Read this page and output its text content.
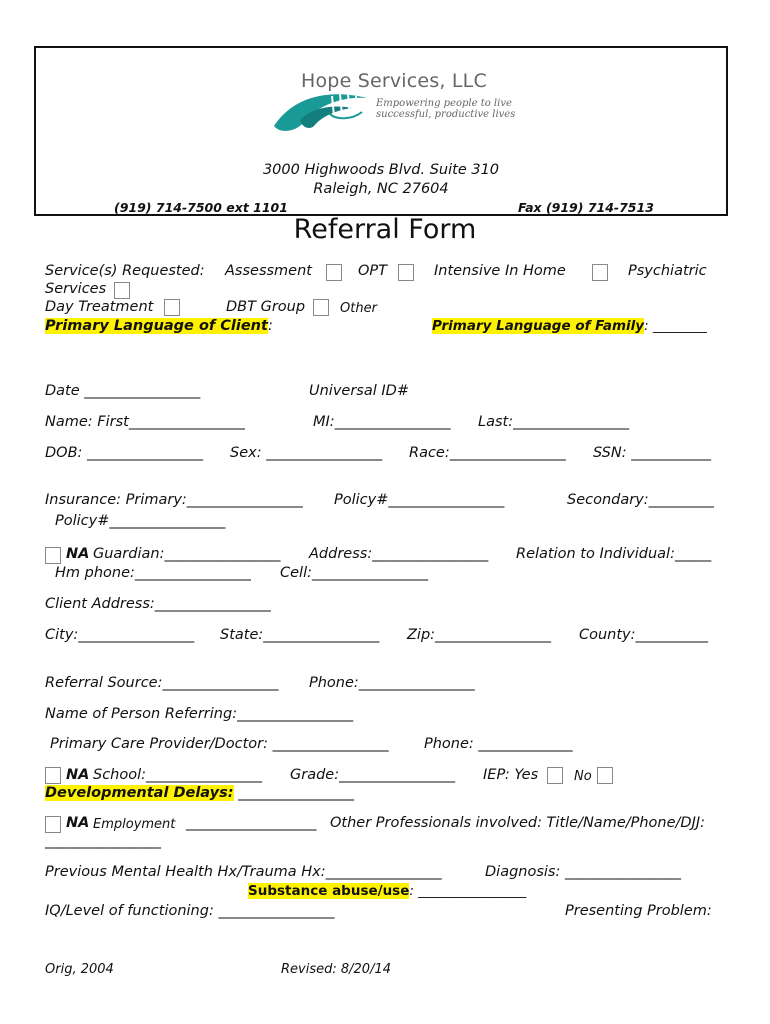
Hope Services, LLC
Empowering people to live
successful, productive lives
3000 Highwoods Blvd. Suite 310
Raleigh, NC 27604
(919) 714-7500 ext 1101	Fax (919) 714-7513
Referral Form
Service(s) Requested: Assessment	OPT	Intensive In Home	Psychiatric
Services
Day Treatment	DBT Group	Other
Primary Language of Client:	Primary Language of Family: ________
Date ________________	Universal ID#
Name: First________________	MI:________________ Last:________________
DOB: ________________ Sex: ________________ Race:________________ SSN: ___________
Insurance: Primary:________________ Policy#________________	Secondary:_________
Policy#________________
NA Guardian:________________ Address:________________ Relation to Individual:_____
Hm phone:________________ Cell:________________
Client Address:________________
City:________________ State:________________ Zip:________________ County:__________
Referral Source:________________ Phone:________________
Name of Person Referring:________________
Primary Care Provider/Doctor: ________________ Phone: _____________
NA School:________________ Grade:________________ IEP: Yes	No
Developmental Delays: ________________
NA Employment __________________ Other Professionals involved: Title/Name/Phone/DJJ:
________________
Previous Mental Health Hx/Trauma Hx:________________	Diagnosis: ________________
Substance abuse/use: ________________
IQ/Level of functioning: ________________	Presenting Problem:
Orig, 2004	Revised: 8/20/14
